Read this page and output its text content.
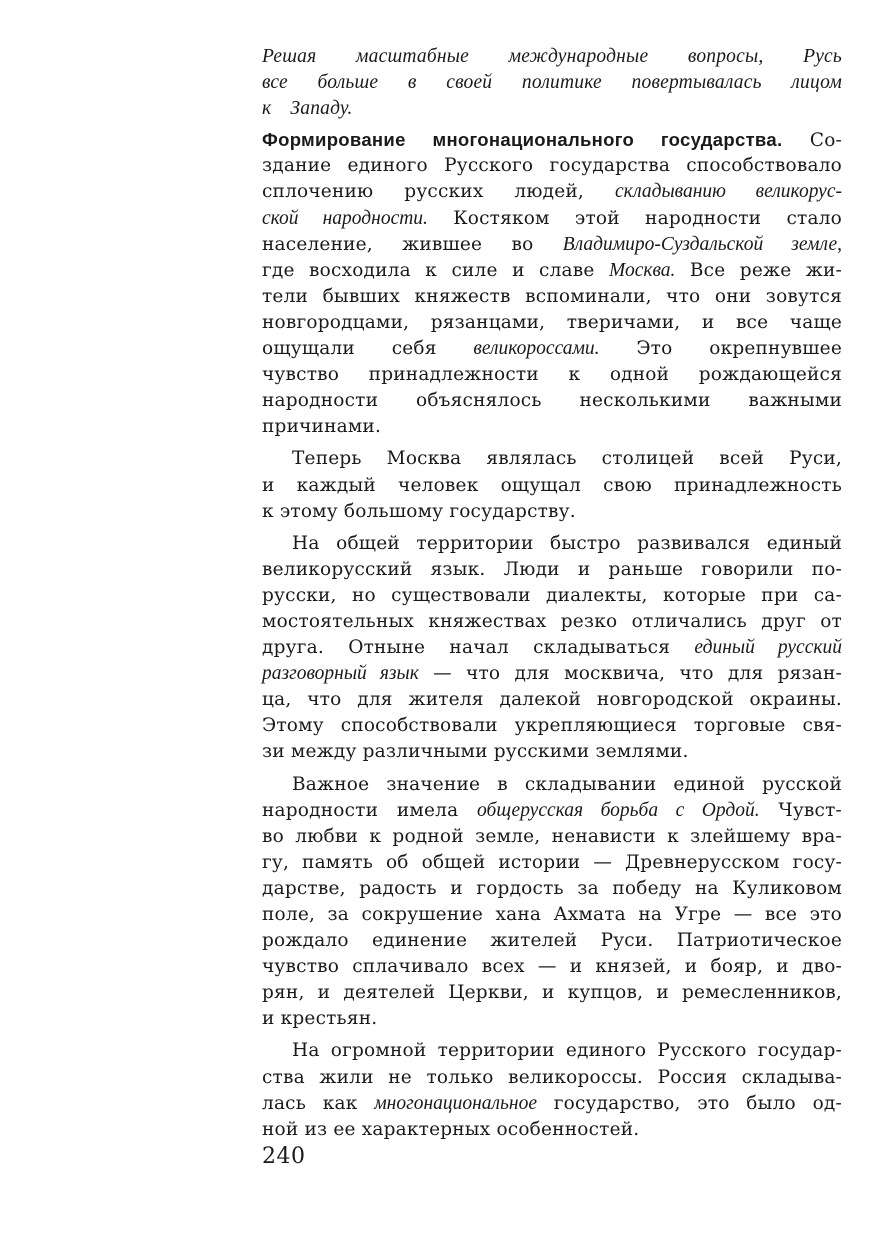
Решая масштабные международные вопросы, Русь
все больше в своей политике повертывалась лицом
к Западу.
Формирование многонационального государства. Со-
здание единого Русского государства способствовало
сплочению русских людей, складыванию великорус-
ской народности. Костяком этой народности стало
население, жившее во Владимиро-Суздальской земле,
где восходила к силе и славе Москва. Все реже жи-
тели бывших княжеств вспоминали, что они зовутся
новгородцами, рязанцами, тверичами, и все чаще
ощущали себя великороссами. Это окрепнувшее
чувство принадлежности к одной рождающейся
народности объяснялось несколькими важными
причинами.
Теперь Москва являлась столицей всей Руси,
и каждый человек ощущал свою принадлежность
к этому большому государству.
На общей территории быстро развивался единый
великорусский язык. Люди и раньше говорили по-
русски, но существовали диалекты, которые при са-
мостоятельных княжествах резко отличались друг от
друга. Отныне начал складываться единый русский
разговорный язык — что для москвича, что для рязан-
ца, что для жителя далекой новгородской окраины.
Этому способствовали укрепляющиеся торговые свя-
зи между различными русскими землями.
Важное значение в складывании единой русской
народности имела общерусская борьба с Ордой. Чувст-
во любви к родной земле, ненависти к злейшему вра-
гу, память об общей истории — Древнерусском госу-
дарстве, радость и гордость за победу на Куликовом
поле, за сокрушение хана Ахмата на Угре — все это
рождало единение жителей Руси. Патриотическое
чувство сплачивало всех — и князей, и бояр, и дво-
рян, и деятелей Церкви, и купцов, и ремесленников,
и крестьян.
На огромной территории единого Русского государ-
ства жили не только великороссы. Россия складыва-
лась как многонациональное государство, это было од-
ной из ее характерных особенностей.
240
